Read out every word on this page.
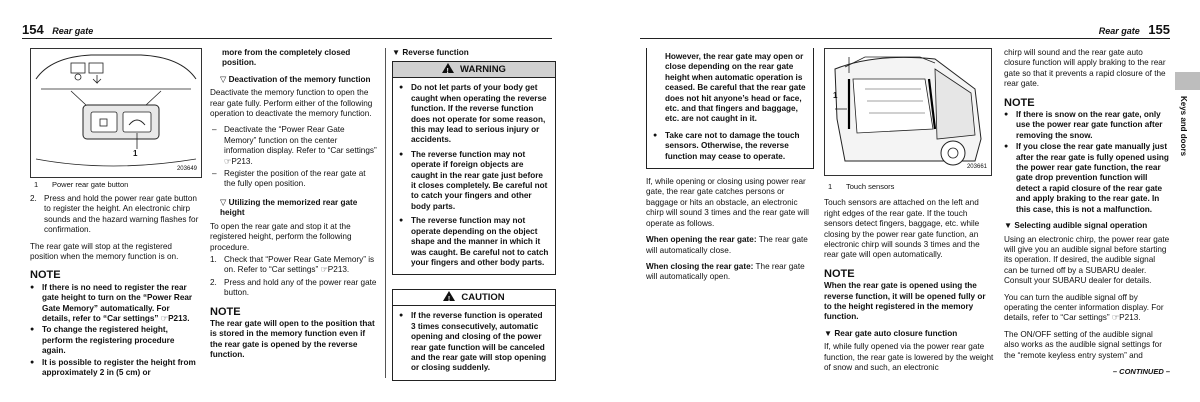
154 Rear gate
203649
1
1 Power rear gate button
2. Press and hold the power rear gate button to register the height. An electronic chirp sounds and the hazard warning flashes for confirmation.

The rear gate will stop at the registered position when the memory function is on.

NOTE
● If there is no need to register the rear gate height to turn on the “Power Rear Gate Memory” automatically. For details, refer to “Car settings” ☞P213.
● To change the registered height, perform the registering procedure again.
● It is possible to register the height from approximately 2 in (5 cm) or

more from the completely closed position.

▽ Deactivation of the memory function

Deactivate the memory function to open the rear gate fully. Perform either of the following operation to deactivate the memory function.

– Deactivate the “Power Rear Gate Memory” function on the center information display. Refer to “Car settings” ☞P213.
– Register the position of the rear gate at the fully open position.
▽ Utilizing the memorized rear gate height

To open the rear gate and stop it at the registered height, perform the following procedure.

1. Check that “Power Rear Gate Memory” is on. Refer to “Car settings” ☞P213.
2. Press and hold any of the power rear gate button.
NOTE

The rear gate will open to the position that is stored in the memory function even if the rear gate is opened by the reverse function.

▼ Reverse function
!WARNING
● Do not let parts of your body get caught when operating the reverse function. If the reverse function does not operate for some reason, this may lead to serious injury or accidents.
● The reverse function may not operate if foreign objects are caught in the rear gate just before it closes completely. Be careful not to catch your fingers and other body parts.
● The reverse function may not operate depending on the object shape and the manner in which it was caught. Be careful not to catch your fingers and other body parts.
!CAUTION
● If the reverse function is operated 3 times consecutively, automatic opening and closing of the power rear gate function will be canceled and the rear gate will stop opening or closing suddenly.
Rear gate 155

However, the rear gate may open or close depending on the rear gate height when automatic operation is ceased. Be careful that the rear gate does not hit anyone’s head or face, etc. and that fingers and baggage, etc. are not caught in it.

● Take care not to damage the touch sensors. Otherwise, the reverse function may cease to operate.

If, while opening or closing using power rear gate, the rear gate catches persons or baggage or hits an obstacle, an electronic chirp will sound 3 times and the rear gate will operate as follows.

When opening the rear gate: The rear gate will automatically close.

When closing the rear gate: The rear gate will automatically open.

1
203661
1 Touch sensors

Touch sensors are attached on the left and right edges of the rear gate. If the touch sensors detect fingers, baggage, etc. while closing by the power rear gate function, an electronic chirp will sounds 3 times and the rear gate will open automatically.

NOTE

When the rear gate is opened using the reverse function, it will be opened fully or to the height registered in the memory function.

▼ Rear gate auto closure function

If, while fully opened via the power rear gate function, the rear gate is lowered by the weight of snow and such, an electronic

chirp will sound and the rear gate auto closure function will apply braking to the rear gate so that it prevents a rapid closure of the rear gate.

NOTE
● If there is snow on the rear gate, only use the power rear gate function after removing the snow.
● If you close the rear gate manually just after the rear gate is fully opened using the power rear gate function, the rear gate drop prevention function will detect a rapid closure of the rear gate and apply braking to the rear gate. In this case, this is not a malfunction.
▼ Selecting audible signal operation

Using an electronic chirp, the power rear gate will give you an audible signal before starting its operation. If desired, the audible signal can be turned off by a SUBARU dealer. Consult your SUBARU dealer for details.

You can turn the audible signal off by operating the center information display. For details, refer to “Car settings” ☞P213.

The ON/OFF setting of the audible signal also works as the audible signal settings for the “remote keyless entry system” and

– CONTINUED –
Keys and doors
